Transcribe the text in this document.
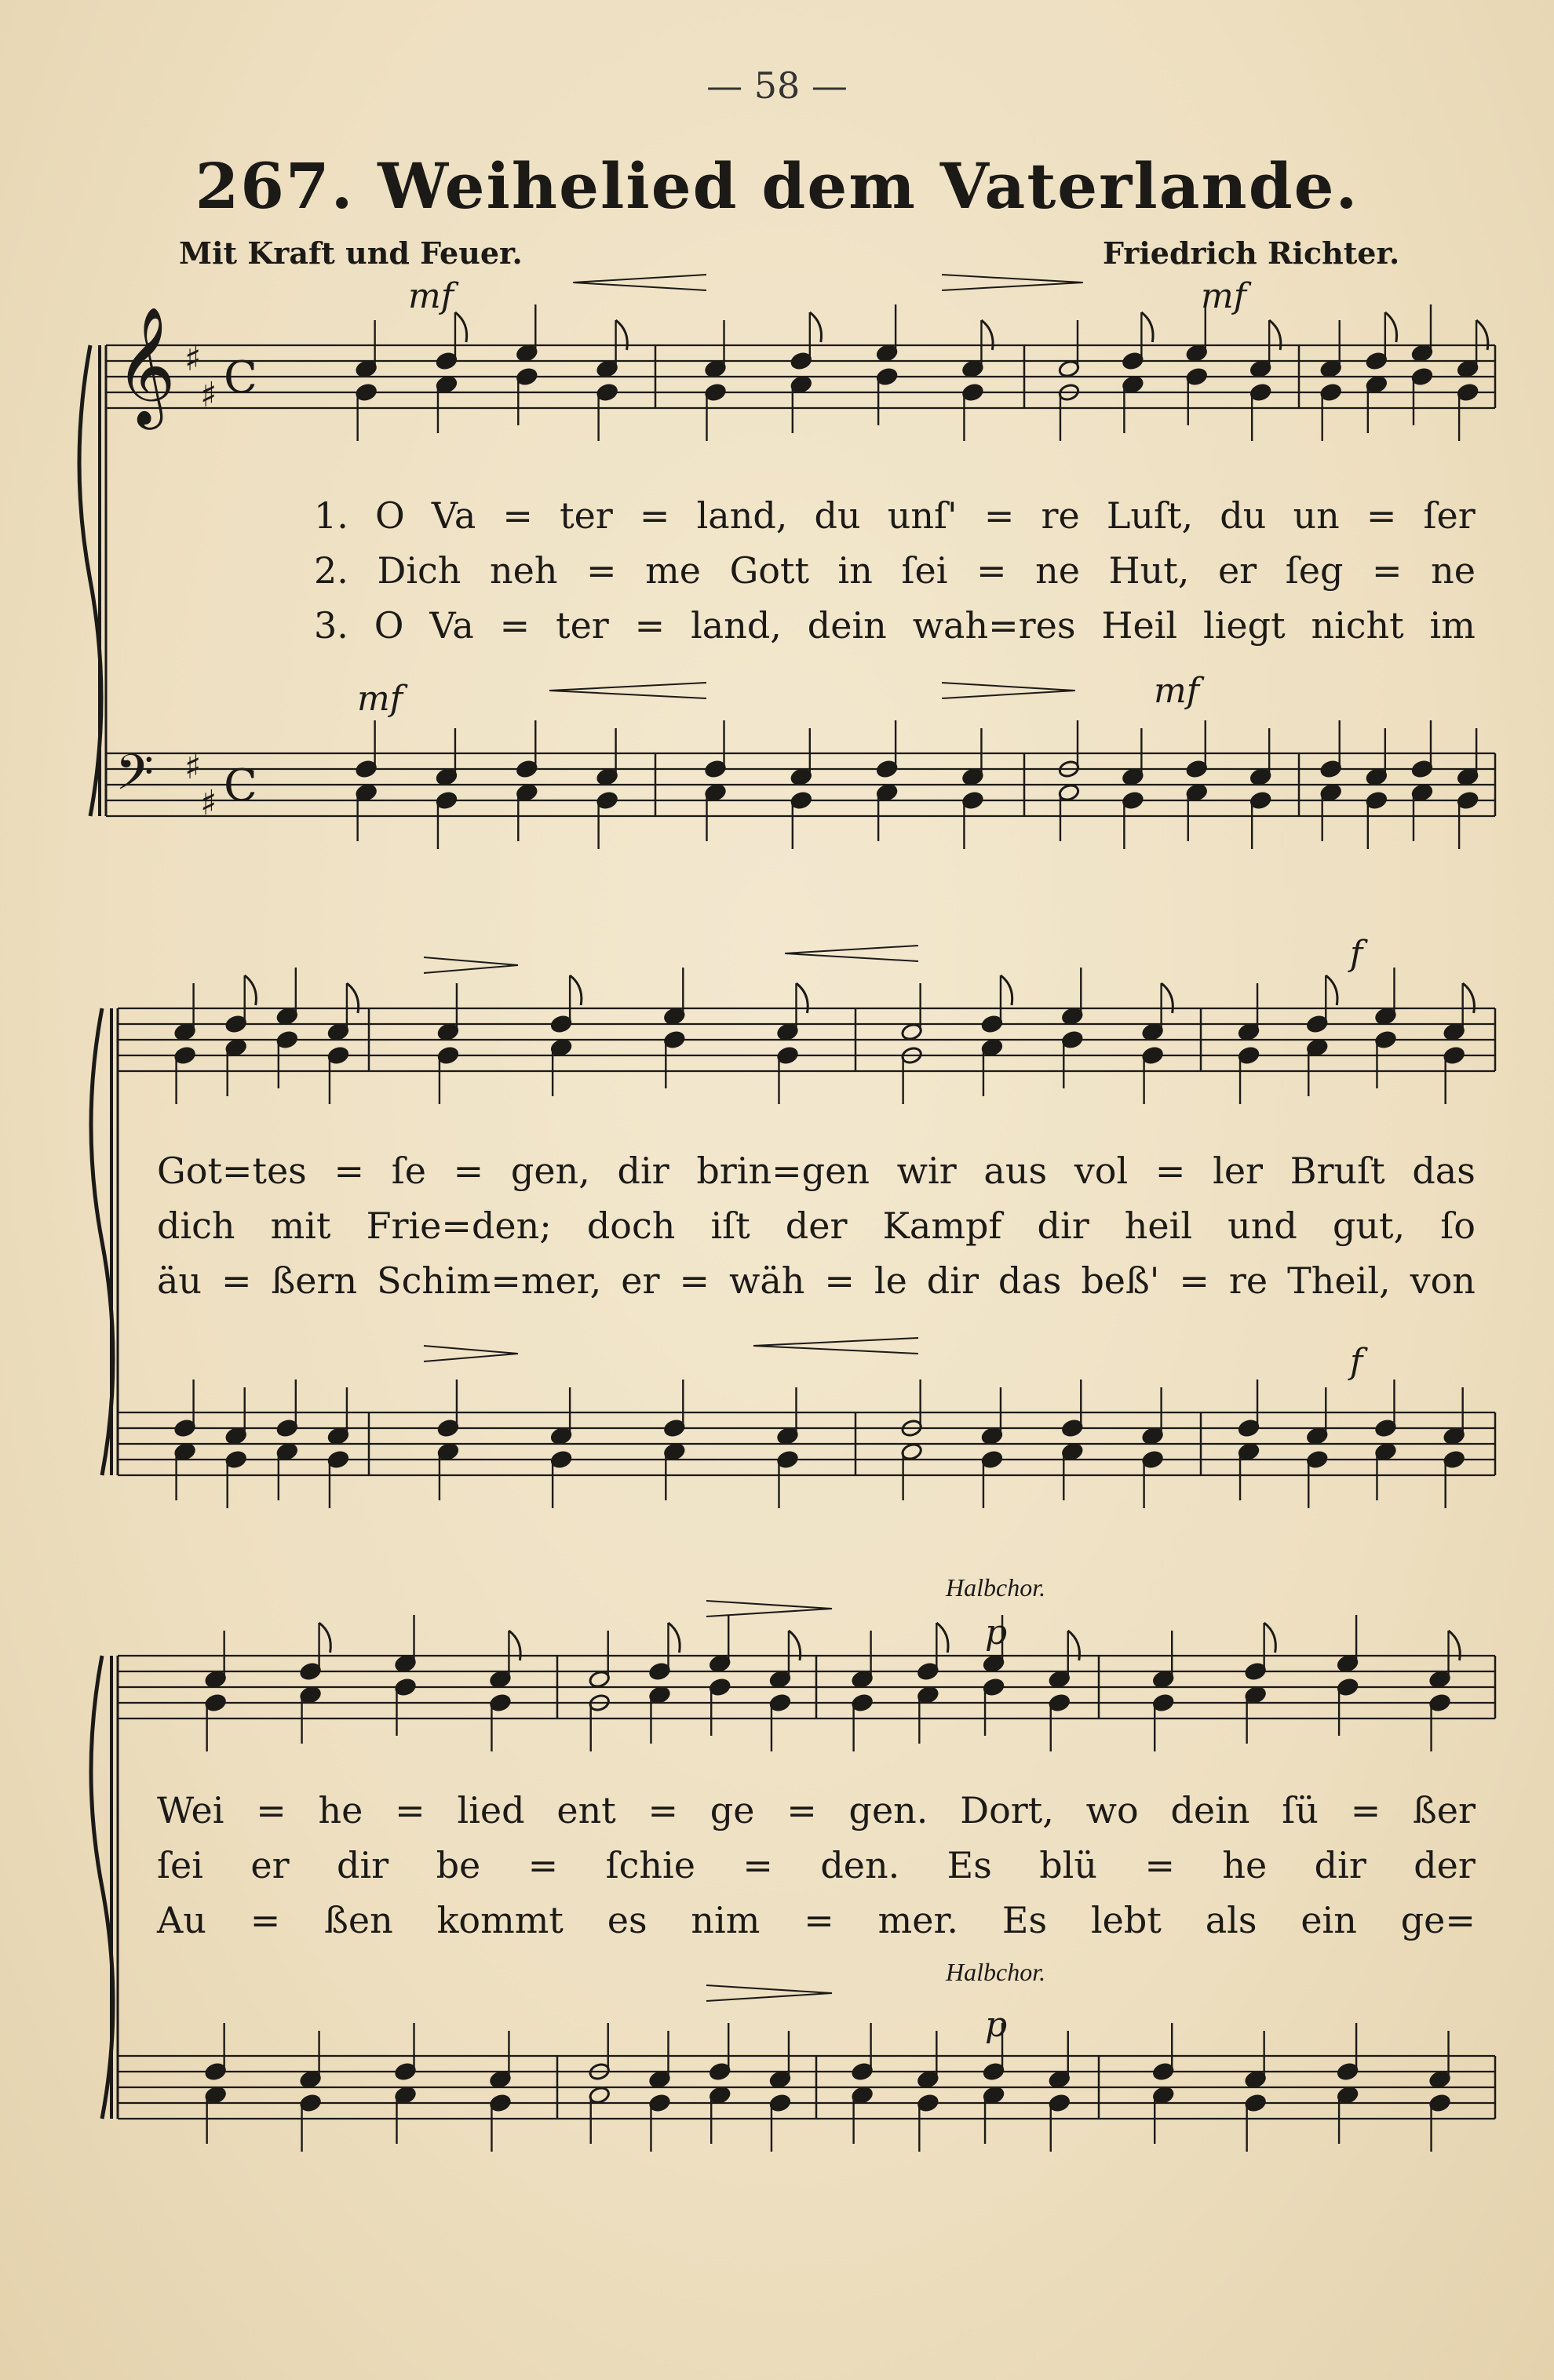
— 58 —
267. Weihelied dem Vaterlande.
Mit Kraft und Feuer.	Friedrich Richter.
mf	mf
mf	mf
f
f
p
p
Halbchor.
Halbchor.
𝄞
𝄢
♯
♯
♯
♯
C
C
1. O Va = ter = land, du unſ' = re Luſt, du un = ſer
2. Dich neh = me Gott in ſei = ne Hut, er ſeg = ne
3. O Va = ter = land, dein wah=res Heil liegt nicht im
Got=tes = ſe = gen, dir brin=gen wir aus vol = ler Bruſt das
dich mit Frie=den; doch iſt der Kampf dir heil und gut, ſo
äu = ßern Schim=mer, er = wäh = le dir das beß' = re Theil, von
Wei = he = lied ent = ge = gen. Dort, wo dein ſü = ßer
ſei er dir be = ſchie = den. Es blü = he dir der
Au = ßen kommt es nim = mer. Es lebt als ein ge=
